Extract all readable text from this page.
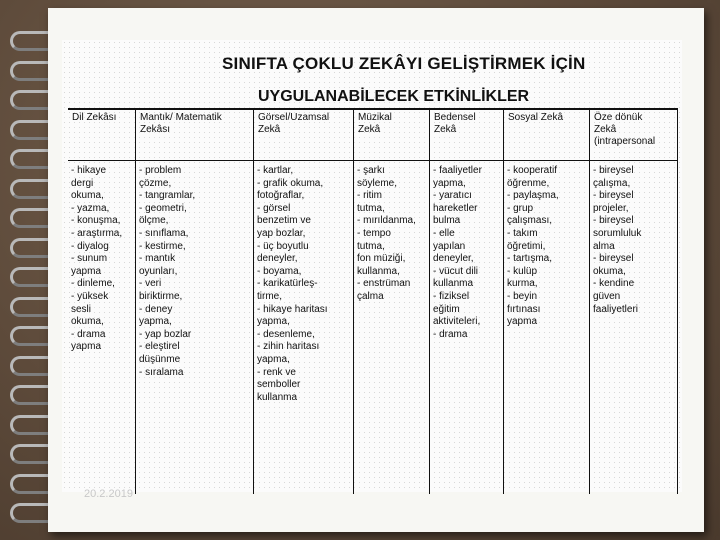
SINIFTA ÇOKLU ZEKÂYI GELİŞTİRMEK İÇİN
UYGULANABİLECEK ETKİNLİKLER
Dil Zekâsı
- hikaye
dergi
okuma,
- yazma,
- konuşma,
- araştırma,
- diyalog
- sunum
yapma
- dinleme,
- yüksek
sesli
okuma,
- drama
yapma
Mantık/ Matematik
Zekâsı
- problem
çözme,
- tangramlar,
- geometri,
ölçme,
- sınıflama,
- kestirme,
- mantık
oyunları,
- veri
biriktirme,
- deney
yapma,
- yap bozlar
- eleştirel
düşünme
- sıralama
Görsel/Uzamsal
Zekâ
- kartlar,
- grafik okuma,
fotoğraflar,
- görsel
benzetim ve
yap bozlar,
- üç boyutlu
deneyler,
- boyama,
- karikatürleş-
tirme,
- hikaye haritası
yapma,
- desenleme,
- zihin haritası
yapma,
- renk ve
semboller
kullanma
Müzikal
Zekâ
- şarkı
söyleme,
- ritim
tutma,
- mırıldanma,
- tempo
tutma,
fon müziği,
kullanma,
- enstrüman
çalma
Bedensel
Zekâ
- faaliyetler
yapma,
- yaratıcı
hareketler
bulma
- elle
yapılan
deneyler,
- vücut dili
kullanma
- fiziksel
eğitim
aktiviteleri,
- drama
Sosyal Zekâ
- kooperatif
öğrenme,
- paylaşma,
- grup
çalışması,
- takım
öğretimi,
- tartışma,
- kulüp
kurma,
- beyin
fırtınası
yapma
Öze dönük
Zekâ
(intrapersonal
- bireysel
çalışma,
- bireysel
projeler,
- bireysel
sorumluluk
alma
- bireysel
okuma,
- kendine
güven
faaliyetleri
20.2.2019
